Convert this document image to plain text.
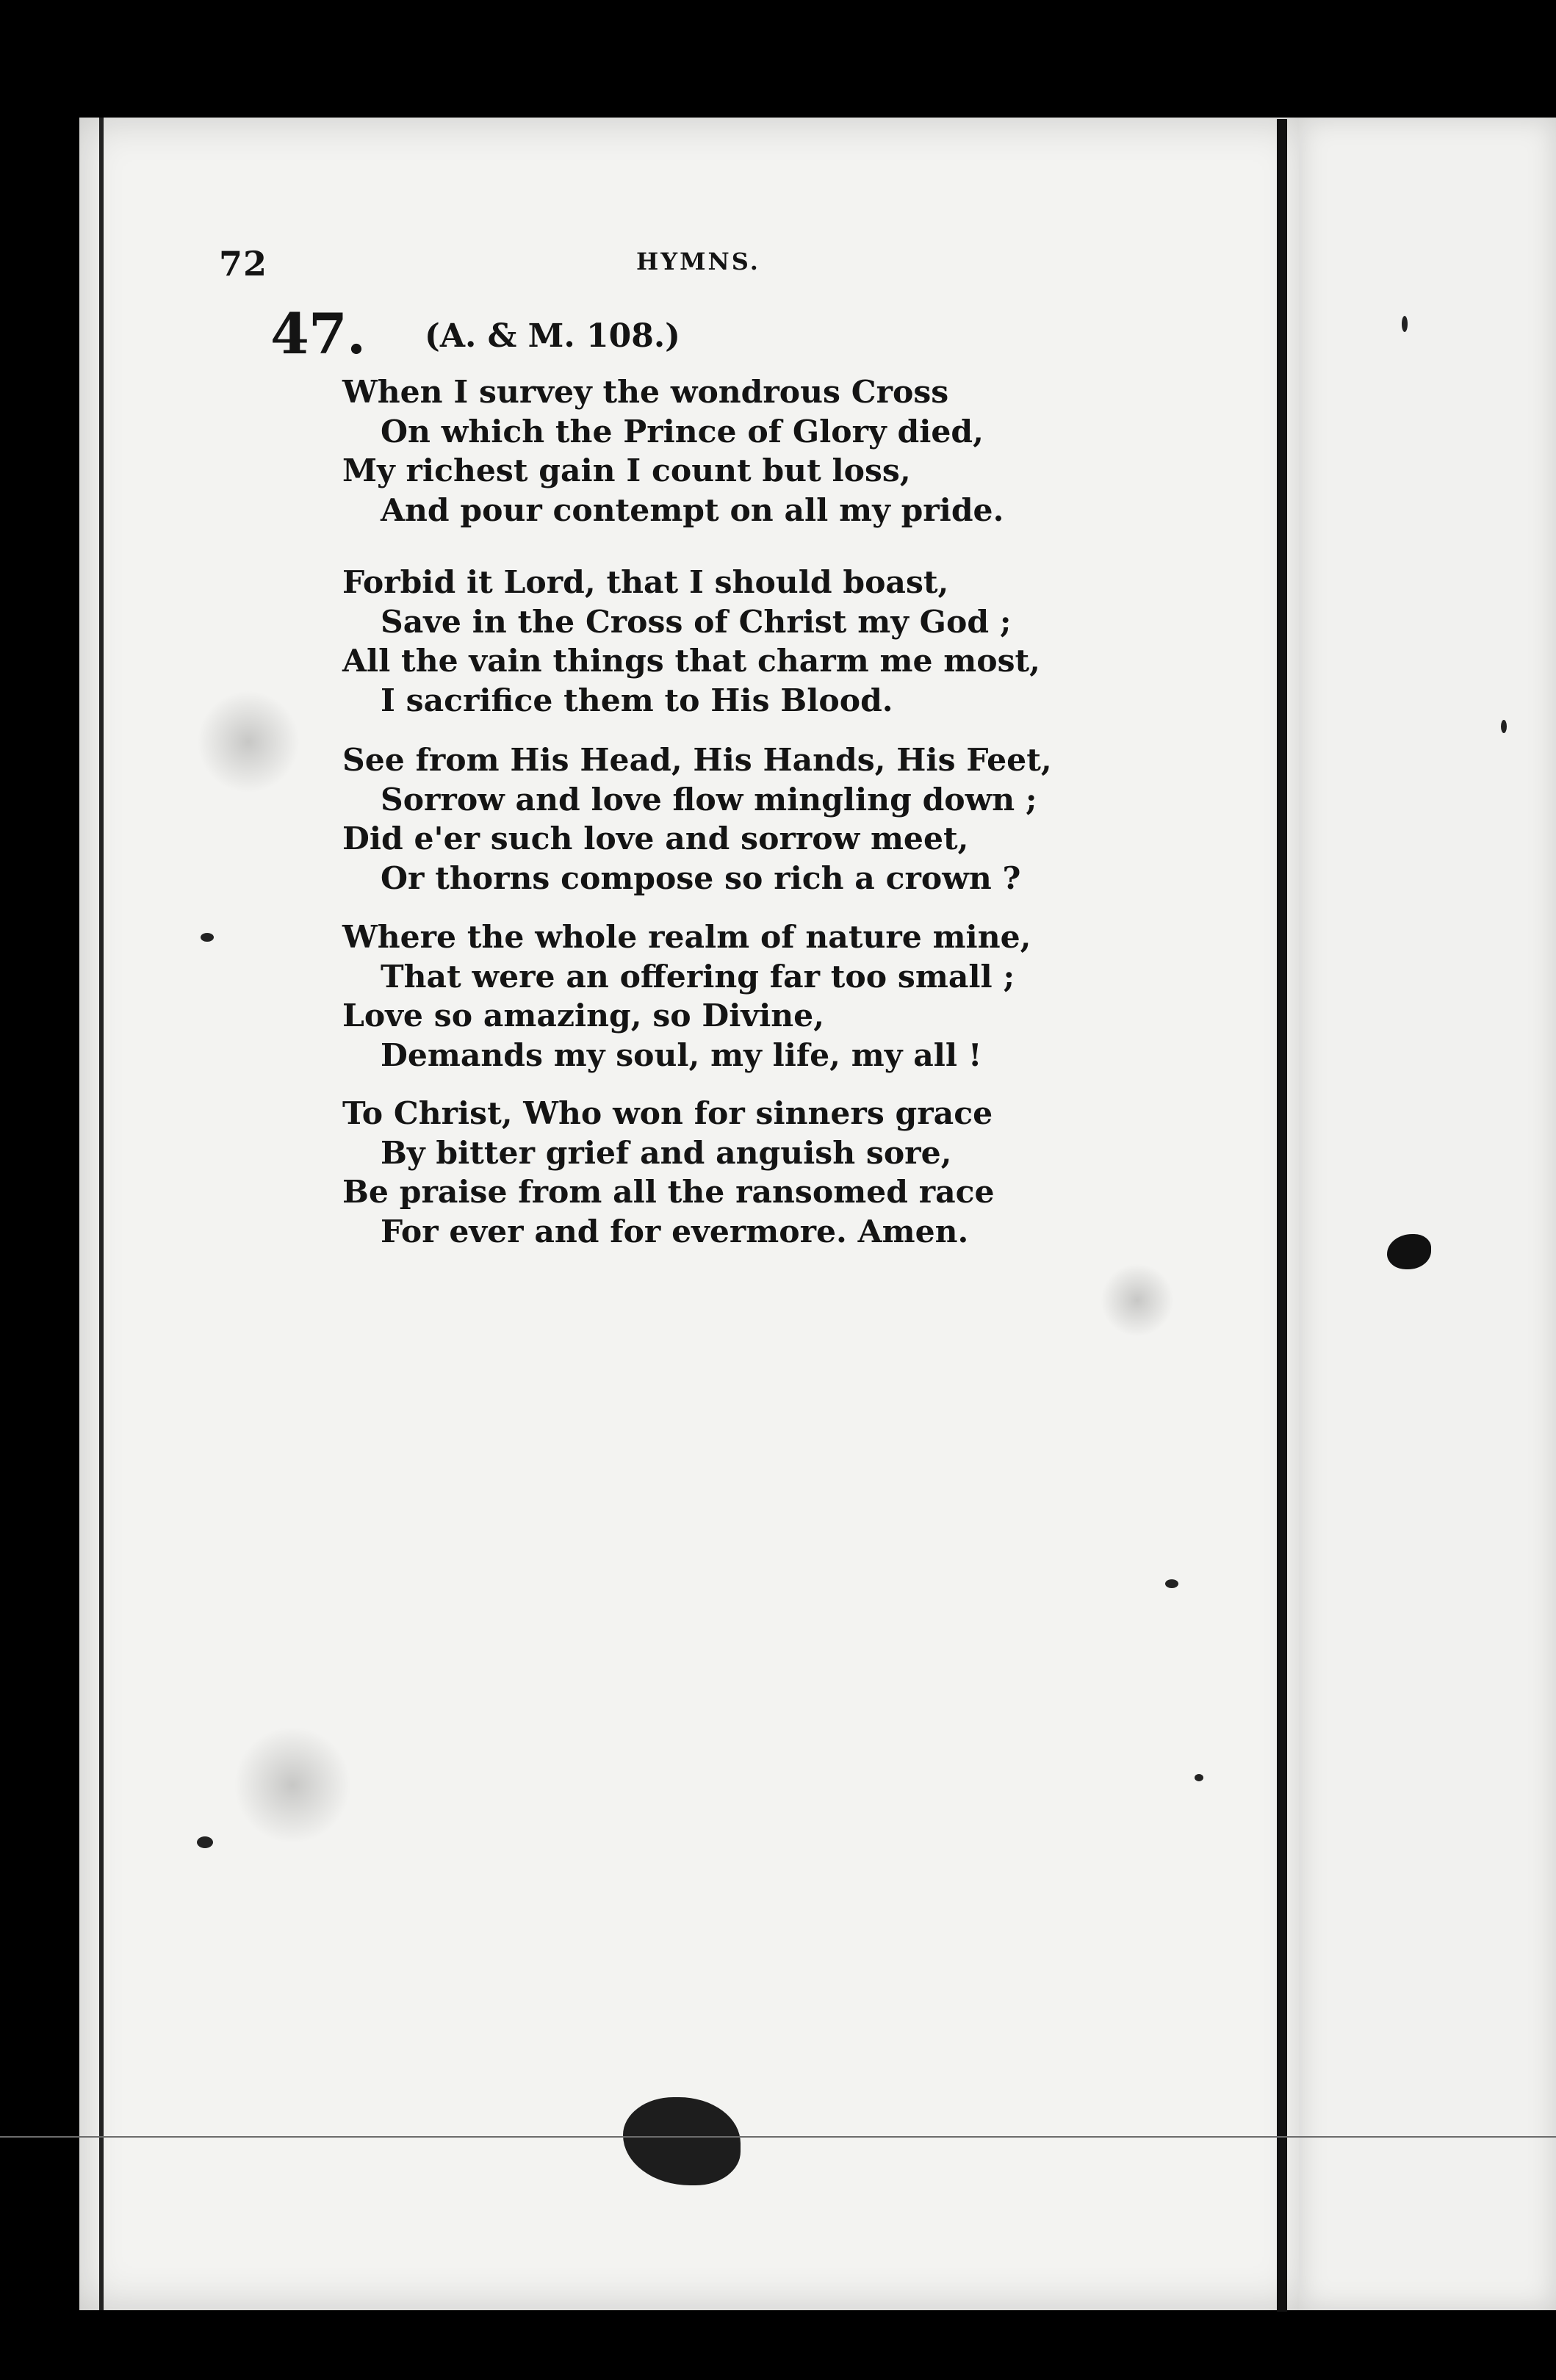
72	HYMNS.
47. (A. & M. 108.)
When I survey the wondrous Cross
On which the Prince of Glory died,
My richest gain I count but loss,
And pour contempt on all my pride.
Forbid it Lord, that I should boast,
Save in the Cross of Christ my God ;
All the vain things that charm me most,
I sacrifice them to His Blood.
See from His Head, His Hands, His Feet,
Sorrow and love flow mingling down ;
Did e'er such love and sorrow meet,
Or thorns compose so rich a crown ?
Where the whole realm of nature mine,
That were an offering far too small ;
Love so amazing, so Divine,
Demands my soul, my life, my all !
To Christ, Who won for sinners grace
By bitter grief and anguish sore,
Be praise from all the ransomed race
For ever and for evermore. Amen.
